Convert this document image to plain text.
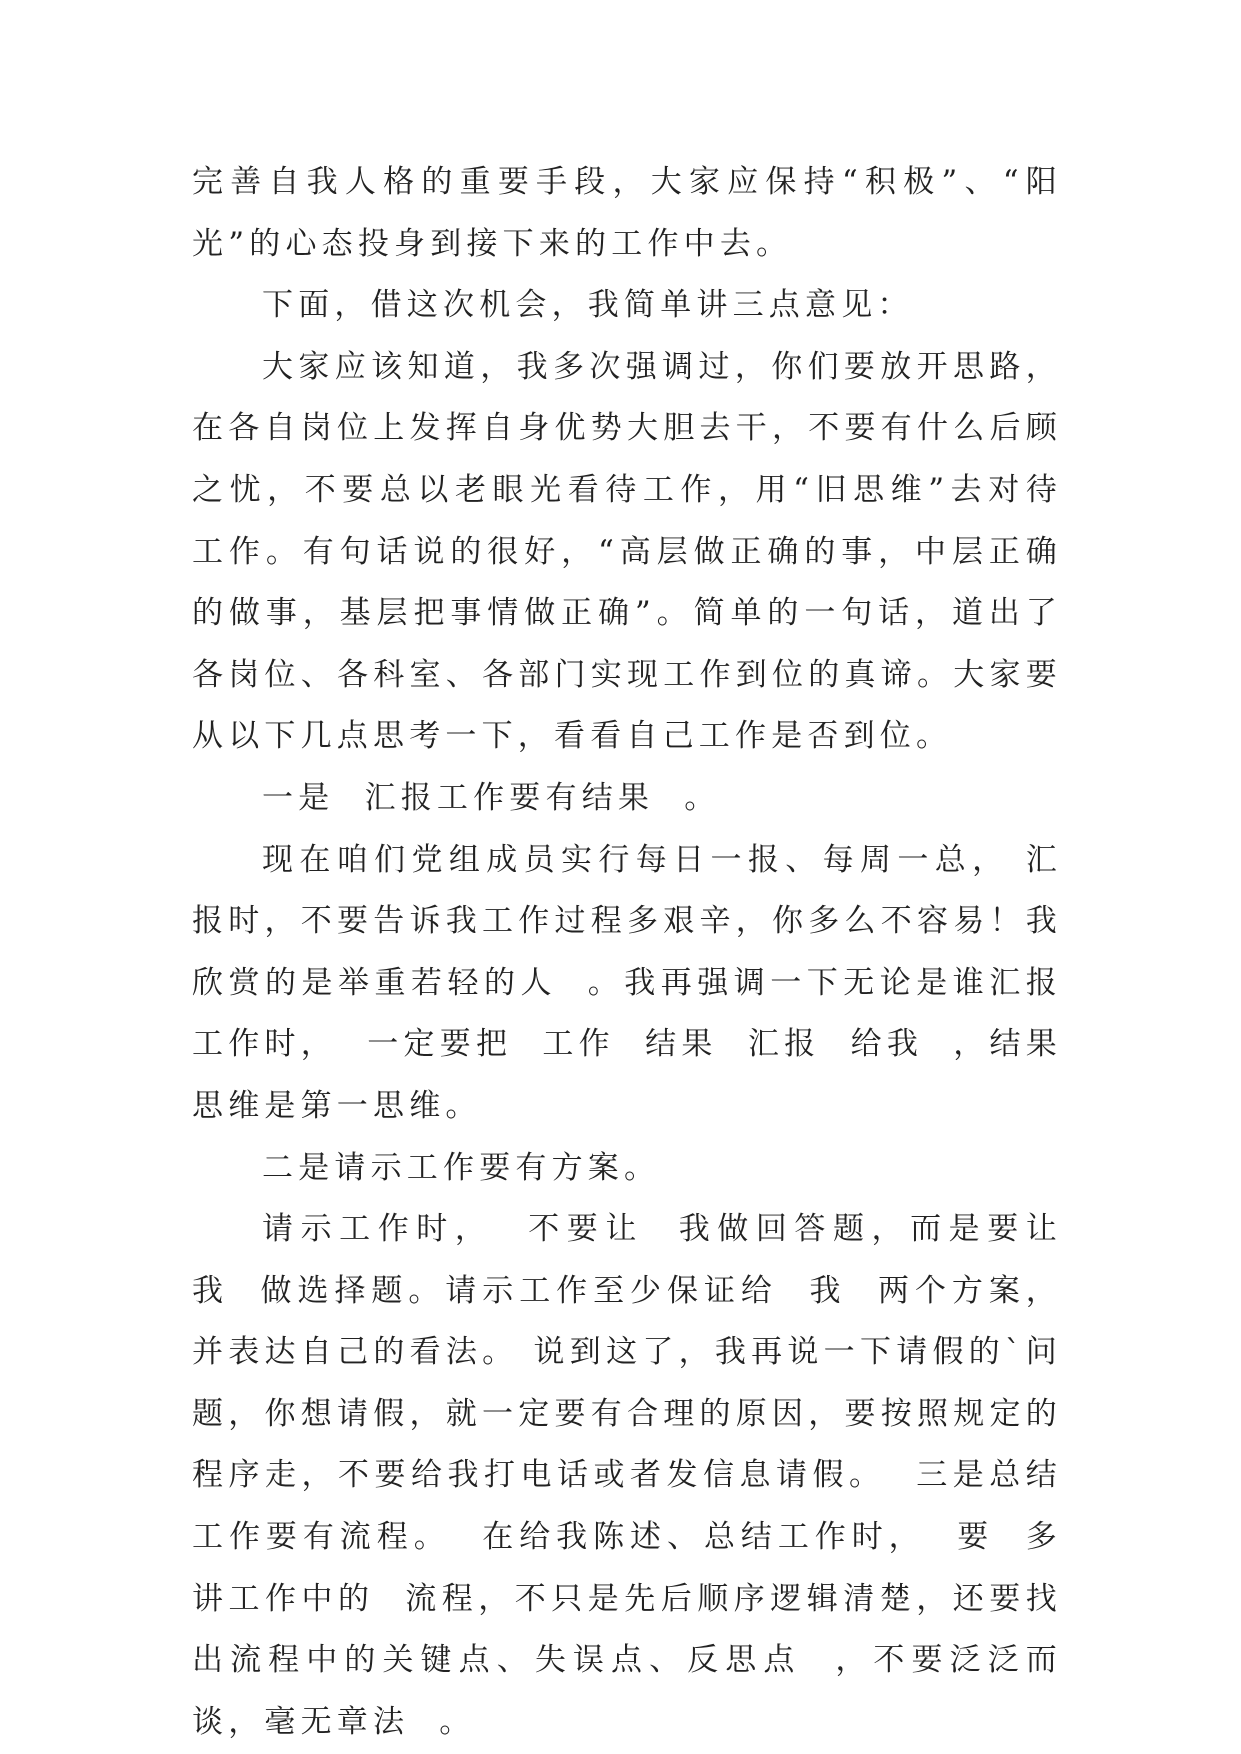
完善自我人格的重要手段，大家应保持“积极”、“阳光”的心态投身到接下来的工作中去。

下面，借这次机会，我简单讲三点意见：

大家应该知道，我多次强调过，你们要放开思路，在各自岗位上发挥自身优势大胆去干，不要有什么后顾之忧，不要总以老眼光看待工作，用“旧思维”去对待工作。有句话说的很好，“高层做正确的事，中层正确的做事，基层把事情做正确”。简单的一句话，道出了各岗位、各科室、各部门实现工作到位的真谛。大家要从以下几点思考一下，看看自己工作是否到位。

一是  汇报工作要有结果  。

现在咱们党组成员实行每日一报、每周一总， 汇报时，不要告诉我工作过程多艰辛，你多么不容易！我欣赏的是举重若轻的人  。我再强调一下无论是谁汇报工作时，  一定要把  工作  结果  汇报  给我  ，结果思维是第一思维。

二是请示工作要有方案。

请示工作时，  不要让  我做回答题，而是要让  我  做选择题。请示工作至少保证给  我  两个方案，并表达自己的看法。 说到这了，我再说一下请假的`问题，你想请假，就一定要有合理的原因，要按照规定的程序走，不要给我打电话或者发信息请假。  三是总结工作要有流程。  在给我陈述、总结工作时，  要  多讲工作中的  流程，不只是先后顺序逻辑清楚，还要找出流程中的关键点、失误点、反思点  ，不要泛泛而谈，毫无章法  。
